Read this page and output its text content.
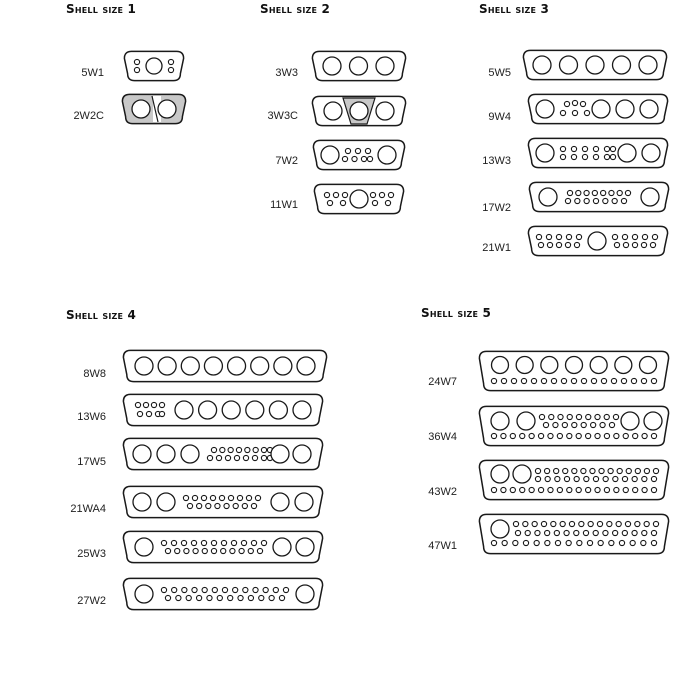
Shell size 1	Shell size 2	Shell size 3
Shell size 4	Shell size 5
5W1
2W2C
3W3
3W3C
7W2
11W1
5W5
9W4
13W3
17W2
21W1
8W8
13W6
17W5
21WA4
25W3
27W2
24W7
36W4
43W2
47W1
